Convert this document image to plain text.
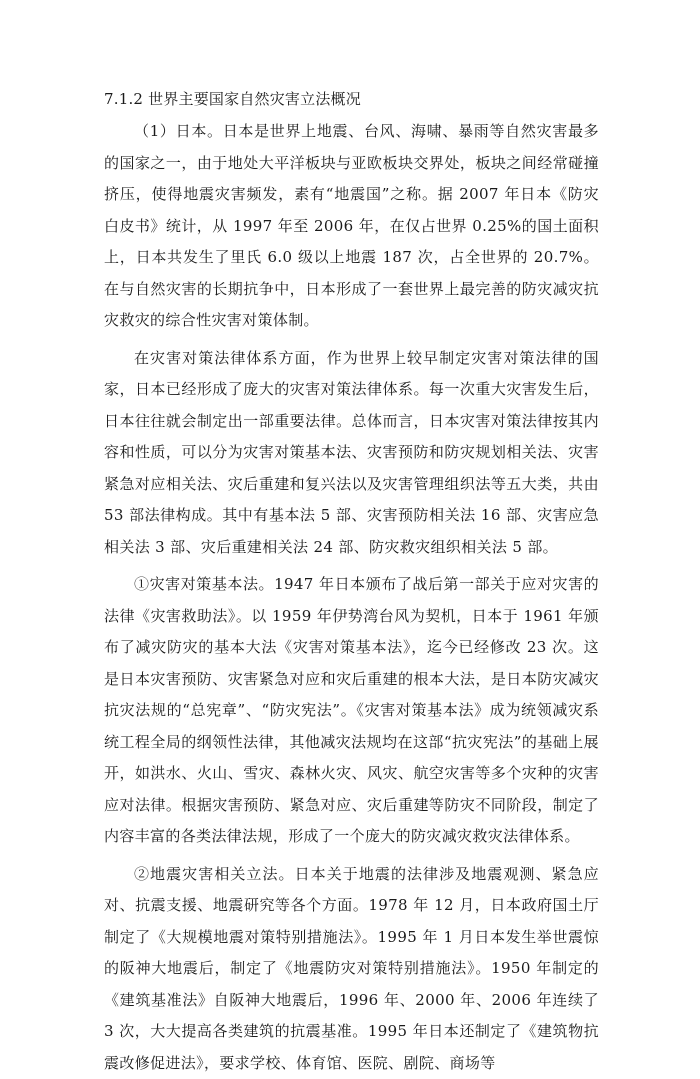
7.1.2 世界主要国家自然灾害立法概况

（1）日本。日本是世界上地震、台风、海啸、暴雨等自然灾害最多的国家之一，由于地处大平洋板块与亚欧板块交界处，板块之间经常碰撞挤压，使得地震灾害频发，素有“地震国”之称。据 2007 年日本《防灾白皮书》统计，从 1997 年至 2006 年，在仅占世界 0.25%的国土面积上，日本共发生了里氏 6.0 级以上地震 187 次，占全世界的 20.7%。在与自然灾害的长期抗争中，日本形成了一套世界上最完善的防灾减灾抗灾救灾的综合性灾害对策体制。

在灾害对策法律体系方面，作为世界上较早制定灾害对策法律的国家，日本已经形成了庞大的灾害对策法律体系。每一次重大灾害发生后，日本往往就会制定出一部重要法律。总体而言，日本灾害对策法律按其内容和性质，可以分为灾害对策基本法、灾害预防和防灾规划相关法、灾害紧急对应相关法、灾后重建和复兴法以及灾害管理组织法等五大类，共由 53 部法律构成。其中有基本法 5 部、灾害预防相关法 16 部、灾害应急相关法 3 部、灾后重建相关法 24 部、防灾救灾组织相关法 5 部。

①灾害对策基本法。1947 年日本颁布了战后第一部关于应对灾害的法律《灾害救助法》。以 1959 年伊势湾台风为契机，日本于 1961 年颁布了减灾防灾的基本大法《灾害对策基本法》，迄今已经修改 23 次。这是日本灾害预防、灾害紧急对应和灾后重建的根本大法，是日本防灾减灾抗灾法规的“总宪章”、“防灾宪法”。《灾害对策基本法》成为统领减灾系统工程全局的纲领性法律，其他减灾法规均在这部“抗灾宪法”的基础上展开，如洪水、火山、雪灾、森林火灾、风灾、航空灾害等多个灾种的灾害应对法律。根据灾害预防、紧急对应、灾后重建等防灾不同阶段，制定了内容丰富的各类法律法规，形成了一个庞大的防灾减灾救灾法律体系。

②地震灾害相关立法。日本关于地震的法律涉及地震观测、紧急应对、抗震支援、地震研究等各个方面。1978 年 12 月，日本政府国土厅制定了《大规模地震对策特别措施法》。1995 年 1 月日本发生举世震惊的阪神大地震后，制定了《地震防灾对策特别措施法》。1950 年制定的《建筑基准法》自阪神大地震后，1996 年、2000 年、2006 年连续了 3 次，大大提高各类建筑的抗震基准。1995 年日本还制定了《建筑物抗震改修促进法》，要求学校、体育馆、医院、剧院、商场等
